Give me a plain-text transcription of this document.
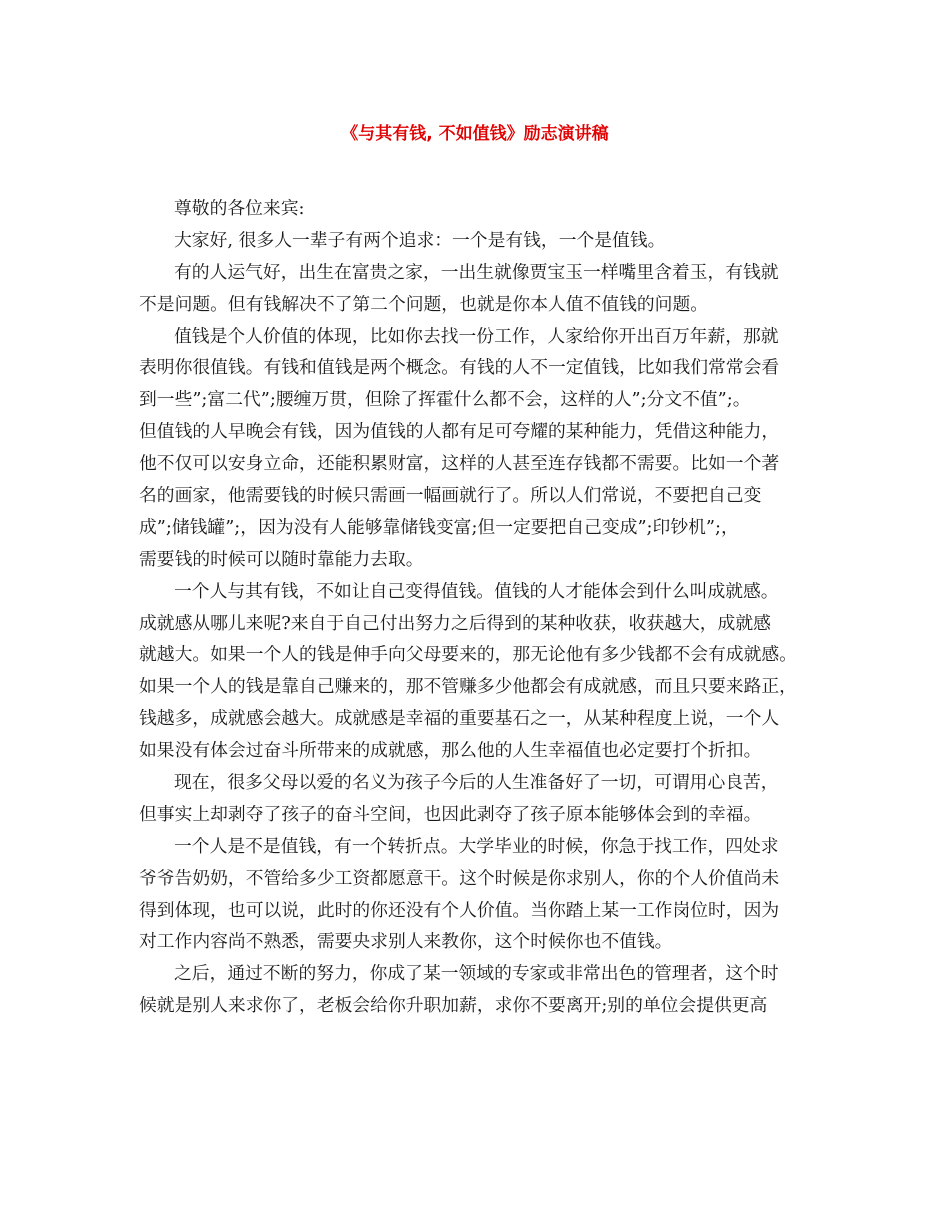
《与其有钱, 不如值钱》励志演讲稿
尊敬的各位来宾:
大家好, 很多人一辈子有两个追求：一个是有钱，一个是值钱。
有的人运气好，出生在富贵之家，一出生就像贾宝玉一样嘴里含着玉，有钱就
不是问题。但有钱解决不了第二个问题，也就是你本人值不值钱的问题。
值钱是个人价值的体现，比如你去找一份工作，人家给你开出百万年薪，那就
表明你很值钱。有钱和值钱是两个概念。有钱的人不一定值钱，比如我们常常会看
到一些”;富二代”;腰缠万贯，但除了挥霍什么都不会，这样的人”;分文不值”;。
但值钱的人早晚会有钱，因为值钱的人都有足可夸耀的某种能力，凭借这种能力，
他不仅可以安身立命，还能积累财富，这样的人甚至连存钱都不需要。比如一个著
名的画家，他需要钱的时候只需画一幅画就行了。所以人们常说，不要把自己变
成”;储钱罐”;，因为没有人能够靠储钱变富;但一定要把自己变成”;印钞机”;，
需要钱的时候可以随时靠能力去取。
一个人与其有钱，不如让自己变得值钱。值钱的人才能体会到什么叫成就感。
成就感从哪儿来呢?来自于自己付出努力之后得到的某种收获，收获越大，成就感
就越大。如果一个人的钱是伸手向父母要来的，那无论他有多少钱都不会有成就感。
如果一个人的钱是靠自己赚来的，那不管赚多少他都会有成就感，而且只要来路正，
钱越多，成就感会越大。成就感是幸福的重要基石之一，从某种程度上说，一个人
如果没有体会过奋斗所带来的成就感，那么他的人生幸福值也必定要打个折扣。
现在，很多父母以爱的名义为孩子今后的人生准备好了一切，可谓用心良苦，
但事实上却剥夺了孩子的奋斗空间，也因此剥夺了孩子原本能够体会到的幸福。
一个人是不是值钱，有一个转折点。大学毕业的时候，你急于找工作，四处求
爷爷告奶奶，不管给多少工资都愿意干。这个时候是你求别人，你的个人价值尚未
得到体现，也可以说，此时的你还没有个人价值。当你踏上某一工作岗位时，因为
对工作内容尚不熟悉，需要央求别人来教你，这个时候你也不值钱。
之后，通过不断的努力，你成了某一领域的专家或非常出色的管理者，这个时
候就是别人来求你了，老板会给你升职加薪，求你不要离开;别的单位会提供更高
